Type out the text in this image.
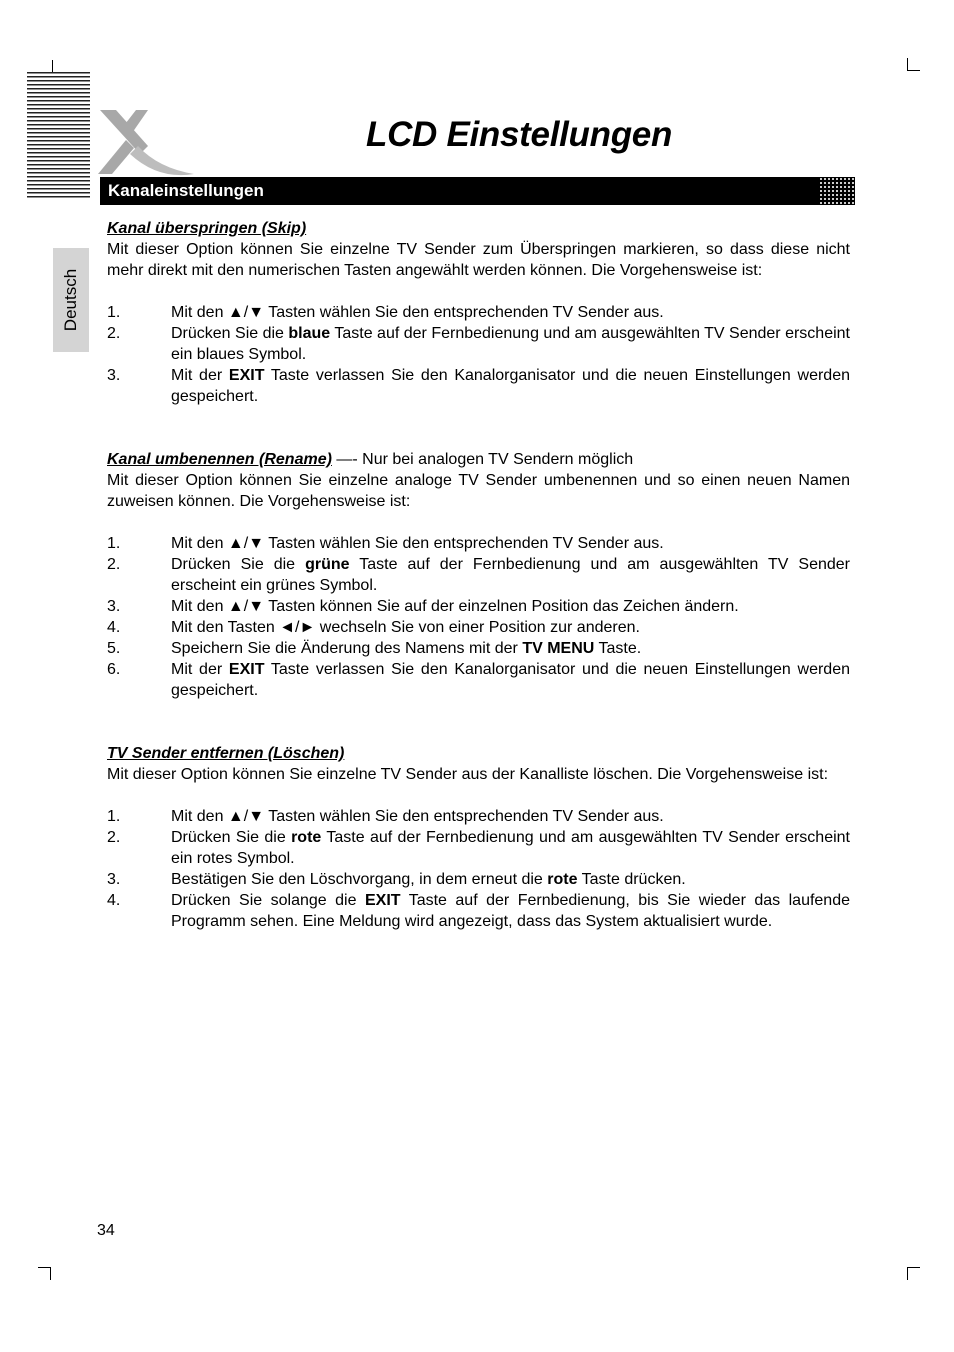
LCD Einstellungen
Kanaleinstellungen
Deutsch
Kanal überspringen (Skip)
Mit dieser Option können Sie einzelne TV Sender zum Überspringen markieren, so dass diese nicht mehr direkt mit den numerischen Tasten angewählt werden können. Die Vorgehensweise ist:
1.	Mit den ▲/▼ Tasten wählen Sie den entsprechenden TV Sender aus.
2.	Drücken Sie die blaue Taste auf der Fernbedienung und am ausgewählten TV Sender erscheint ein blaues Symbol.
3.	Mit der EXIT Taste verlassen Sie den Kanalorganisator und die neuen Einstellungen werden gespeichert.
Kanal umbenennen (Rename) —- Nur bei analogen TV Sendern möglich
Mit dieser Option können Sie einzelne analoge TV Sender umbenennen und so einen neuen Namen zuweisen können. Die Vorgehensweise ist:
1.	Mit den ▲/▼ Tasten wählen Sie den entsprechenden TV Sender aus.
2.	Drücken Sie die grüne Taste auf der Fernbedienung und am ausgewählten TV Sender erscheint ein grünes Symbol.
3.	Mit den ▲/▼ Tasten können Sie auf der einzelnen Position das Zeichen ändern.
4.	Mit den Tasten ◄/► wechseln Sie von einer Position zur anderen.
5.	Speichern Sie die Änderung des Namens mit der TV MENU Taste.
6.	Mit der EXIT Taste verlassen Sie den Kanalorganisator und die neuen Einstellungen werden gespeichert.
TV Sender entfernen (Löschen)
Mit dieser Option können Sie einzelne TV Sender aus der Kanalliste löschen. Die Vorgehensweise ist:
1.	Mit den ▲/▼ Tasten wählen Sie den entsprechenden TV Sender aus.
2.	Drücken Sie die rote Taste auf der Fernbedienung und am ausgewählten TV Sender erscheint ein rotes Symbol.
3.	Bestätigen Sie den Löschvorgang, in dem erneut die rote Taste drücken.
4.	Drücken Sie solange die EXIT Taste auf der Fernbedienung, bis Sie wieder das laufende Programm sehen. Eine Meldung wird angezeigt, dass das System aktualisiert wurde.
34
